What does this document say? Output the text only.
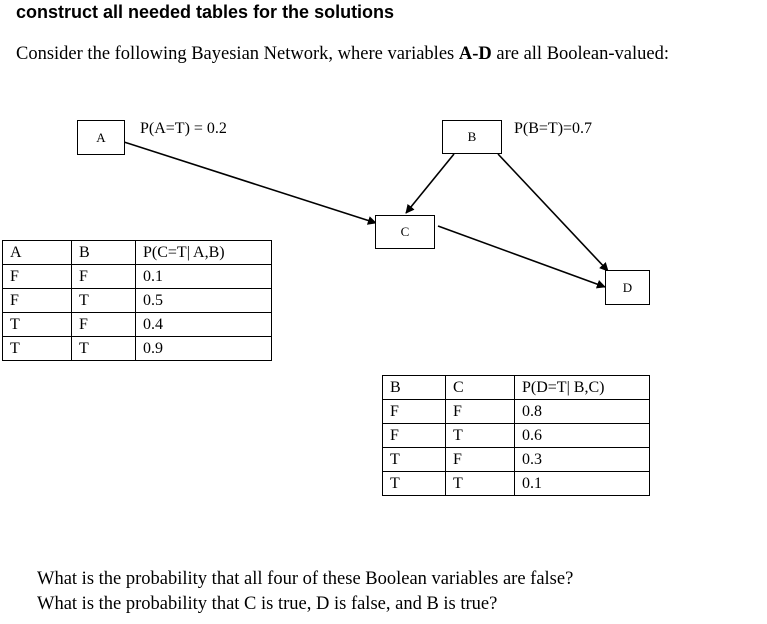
construct all needed tables for the solutions
Consider the following Bayesian Network, where variables A-D are all Boolean-valued:
A	P(A=T) = 0.2	B	P(B=T)=0.7
C
D
A	B	P(C=T| A,B)
F	F	0.1
F	T	0.5
T	F	0.4
T	T	0.9
B	C	P(D=T| B,C)
F	F	0.8
F	T	0.6
T	F	0.3
T	T	0.1
What is the probability that all four of these Boolean variables are false?
What is the probability that C is true, D is false, and B is true?
